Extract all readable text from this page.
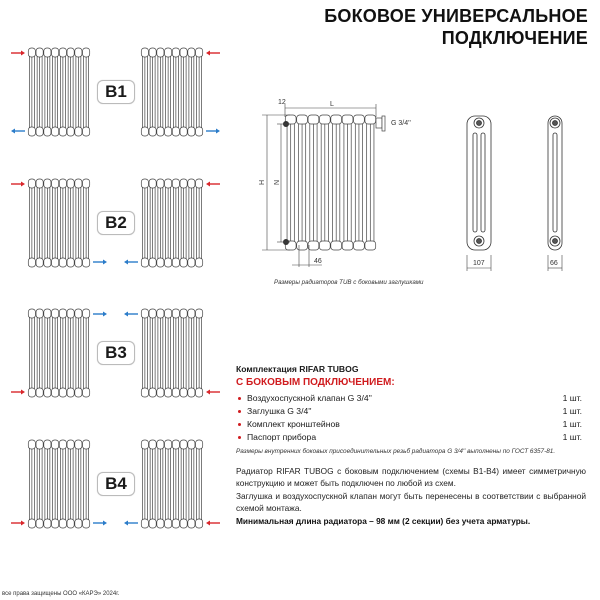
БОКОВОЕ УНИВЕРСАЛЬНОЕ
ПОДКЛЮЧЕНИЕ
B1
B2
B3
B4
12	L
G 3/4''
H N
46	107	66
Размеры радиаторов TUB с боковыми заглушками
Комплектация RIFAR TUBOG
С БОКОВЫМ ПОДКЛЮЧЕНИЕМ:
Воздухоспускной клапан G 3/4''	1 шт.
Заглушка G 3/4''	1 шт.
Комплект кронштейнов	1 шт.
Паспорт прибора	1 шт.
Размеры внутренних боковых присоединительных резьб радиатора G 3/4'' выполнены по ГОСТ 6357-81.

Радиатор RIFAR TUBOG с боковым подключением (схемы B1-B4) имеет симметричную конструкцию и может быть подключен по любой из схем.

Заглушка и воздухоспускной клапан могут быть перенесены в соответствии с выбранной схемой монтажа.

Минимальная длина радиатора – 98 мм (2 секции) без учета арматуры.

все права защищены ООО «КАРЭ» 2024г.
